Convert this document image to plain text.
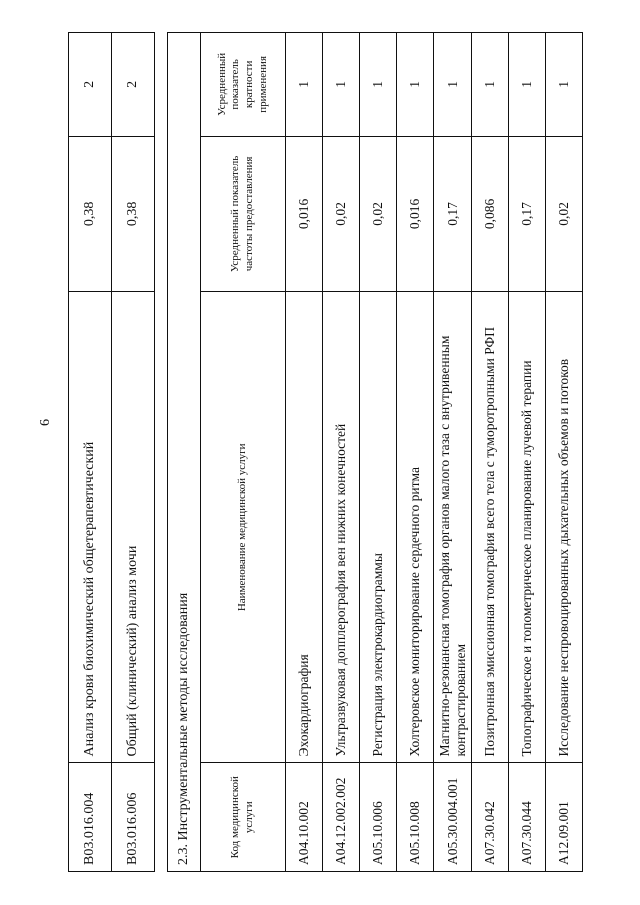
6
B03.016.004	Анализ крови биохимический общетерапевтический	0,38	2
B03.016.006	Общий (клинический) анализ мочи	0,38	2
2.3. Инструментальные методы исследования			
Код медицинской услуги	Наименование медицинской услуги	Усредненный показатель частоты предоставления	Усредненный показатель кратности применения
A04.10.002	Эхокардиография	0,016	1
A04.12.002.002	Ультразвуковая допплерография вен нижних конечностей	0,02	1
A05.10.006	Регистрация электрокардиограммы	0,02	1
A05.10.008	Холтеровское мониторирование сердечного ритма	0,016	1
A05.30.004.001	Магнитно-резонансная томография органов малого таза с внутривенным контрастированием	0,17	1
A07.30.042	Позитронная эмиссионная томография всего тела с туморотропными РФП	0,086	1
A07.30.044	Топографическое и топометрическое планирование лучевой терапии	0,17	1
A12.09.001	Исследование неспровоцированных дыхательных объемов и потоков	0,02	1
